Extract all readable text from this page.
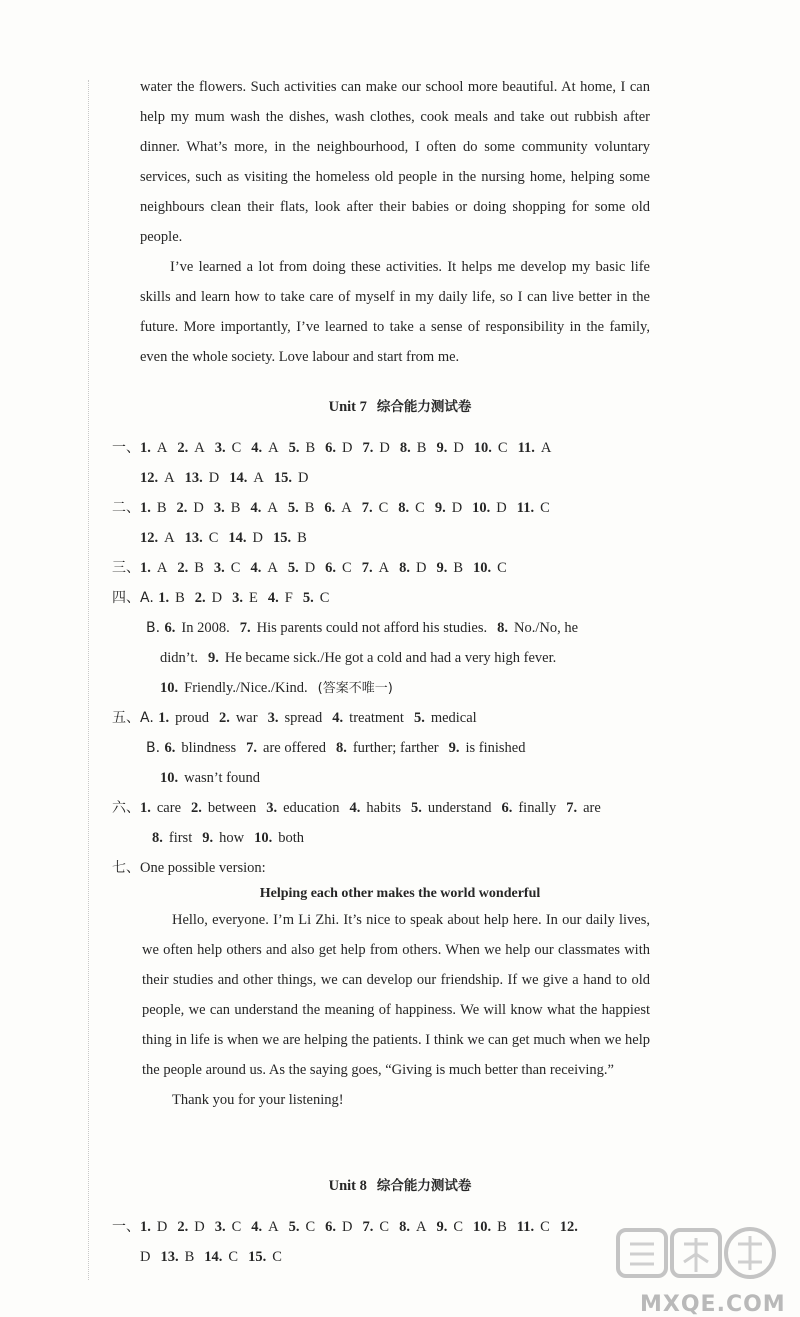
water the flowers. Such activities can make our school more beautiful. At home, I can help my mum wash the dishes, wash clothes, cook meals and take out rubbish after dinner. What’s more, in the neighbourhood, I often do some community voluntary services, such as visiting the homeless old people in the nursing home, helping some neighbours clean their flats, look after their babies or doing shopping for some old people.

I’ve learned a lot from doing these activities. It helps me develop my basic life skills and learn how to take care of myself in my daily life, so I can live better in the future. More importantly, I’ve learned to take a sense of responsibility in the family, even the whole society. Love labour and start from me.

Unit 7 综合能力测试卷
一、1. A 2. A 3. C 4. A 5. B 6. D 7. D 8. B 9. D 10. C 11. A
12. A 13. D 14. A 15. D
二、1. B 2. D 3. B 4. A 5. B 6. A 7. C 8. C 9. D 10. D 11. C
12. A 13. C 14. D 15. B
三、1. A 2. B 3. C 4. A 5. D 6. C 7. A 8. D 9. B 10. C
四、A. 1. B 2. D 3. E 4. F 5. C
B. 6. In 2008. 7. His parents could not afford his studies. 8. No./No, he
didn’t. 9. He became sick./He got a cold and had a very high fever.
10. Friendly./Nice./Kind. (答案不唯一)
五、A. 1. proud 2. war 3. spread 4. treatment 5. medical
B. 6. blindness 7. are offered 8. further; farther 9. is finished
10. wasn’t found
六、1. care 2. between 3. education 4. habits 5. understand 6. finally 7. are
8. first 9. how 10. both
七、One possible version:
一、1. D 2. D 3. C 4. A 5. C 6. D 7. C 8. A 9. C 10. B 11. C 12.
D 13. B 14. C 15. C
Helping each other makes the world wonderful

Hello, everyone. I’m Li Zhi. It’s nice to speak about help here. In our daily lives, we often help others and also get help from others. When we help our classmates with their studies and other things, we can develop our friendship. If we give a hand to old people, we can understand the meaning of happiness. We will know what the happiest thing in life is when we are helping the patients. I think we can get much when we help the people around us. As the saying goes, “Giving is much better than receiving.”

Thank you for your listening!

Unit 8 综合能力测试卷
MXQE.COM
